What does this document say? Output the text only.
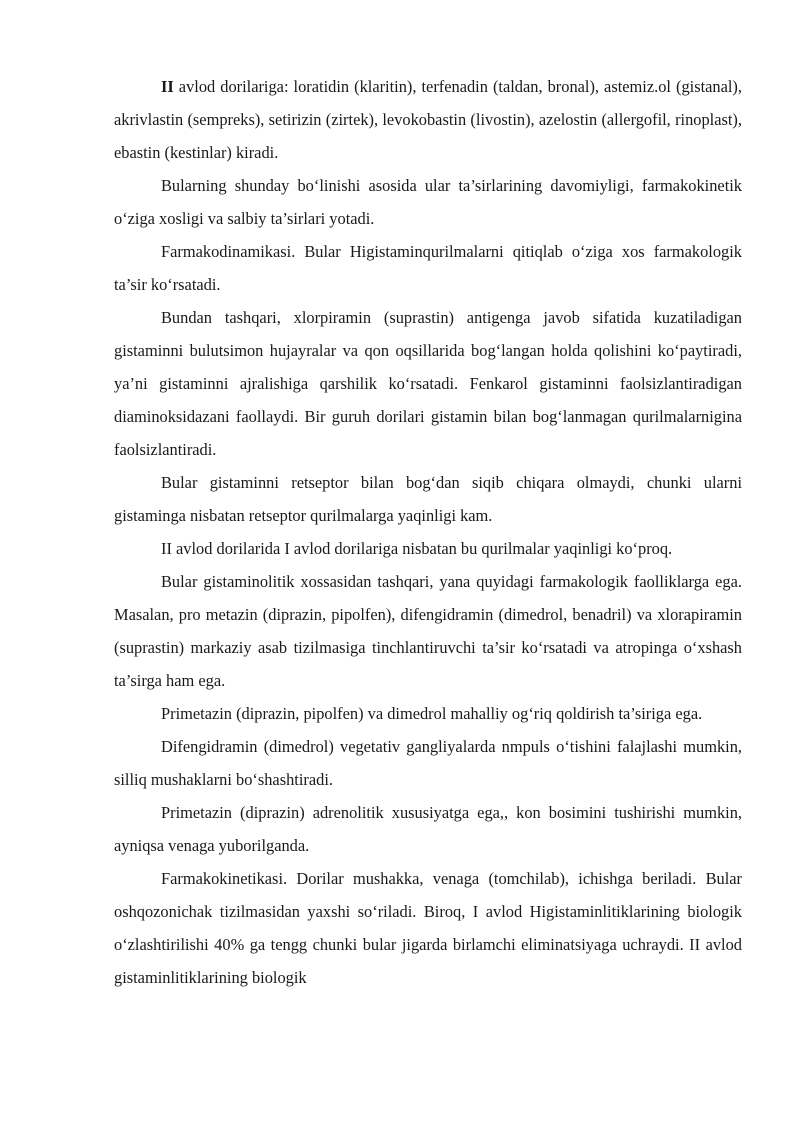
II avlod dorilariga: loratidin (klaritin), terfenadin (taldan, bronal), astemiz.ol (gistanal), akrivlastin (sempreks), setirizin (zirtek), levokobastin (livostin), azelostin (allergofil, rinoplast), ebastin (kestinlar) kiradi.

Bularning shunday bo‘linishi asosida ular ta’sirlarining davomiyligi, farmakokinetik o‘ziga xosligi va salbiy ta’sirlari yotadi.

Farmakodinamikasi. Bular Higistaminqurilmalarni qitiqlab o‘ziga xos farmakologik ta’sir ko‘rsatadi.

Bundan tashqari, xlorpiramin (suprastin) antigenga javob sifatida kuzatiladigan gistaminni bulutsimon hujayralar va qon oqsillarida bog‘langan holda qolishini ko‘paytiradi, ya’ni gistaminni ajralishiga qarshilik ko‘rsatadi. Fenkarol gistaminni faolsizlantiradigan diaminoksidazani faollaydi. Bir guruh dorilari gistamin bilan bog‘lanmagan qurilmalarnigina faolsizlantiradi.

Bular gistaminni retseptor bilan bog‘dan siqib chiqara olmaydi, chunki ularni gistaminga nisbatan retseptor qurilmalarga yaqinligi kam.

II avlod dorilarida I avlod dorilariga nisbatan bu qurilmalar yaqinligi ko‘proq.

Bular gistaminolitik xossasidan tashqari, yana quyidagi farmakologik faolliklarga ega. Masalan, pro metazin (diprazin, pipolfen), difengidramin (dimedrol, benadril) va xlorapiramin (suprastin) markaziy asab tizilmasiga tinchlantiruvchi ta’sir ko‘rsatadi va atropinga o‘xshash ta’sirga ham ega.

Primetazin (diprazin, pipolfen) va dimedrol mahalliy og‘riq qoldirish ta’siriga ega.

Difengidramin (dimedrol) vegetativ gangliyalarda nmpuls o‘tishini falajlashi mumkin, silliq mushaklarni bo‘shashtiradi.

Primetazin (diprazin) adrenolitik xususiyatga ega,, kon bosimini tushirishi mumkin, ayniqsa venaga yuborilganda.

Farmakokinetikasi. Dorilar mushakka, venaga (tomchilab), ichishga beriladi. Bular oshqozonichak tizilmasidan yaxshi so‘riladi. Biroq, I avlod Higistaminlitiklarining biologik o‘zlashtirilishi 40% ga tengg chunki bular jigarda birlamchi eliminatsiyaga uchraydi. II avlod gistaminlitiklarining biologik
